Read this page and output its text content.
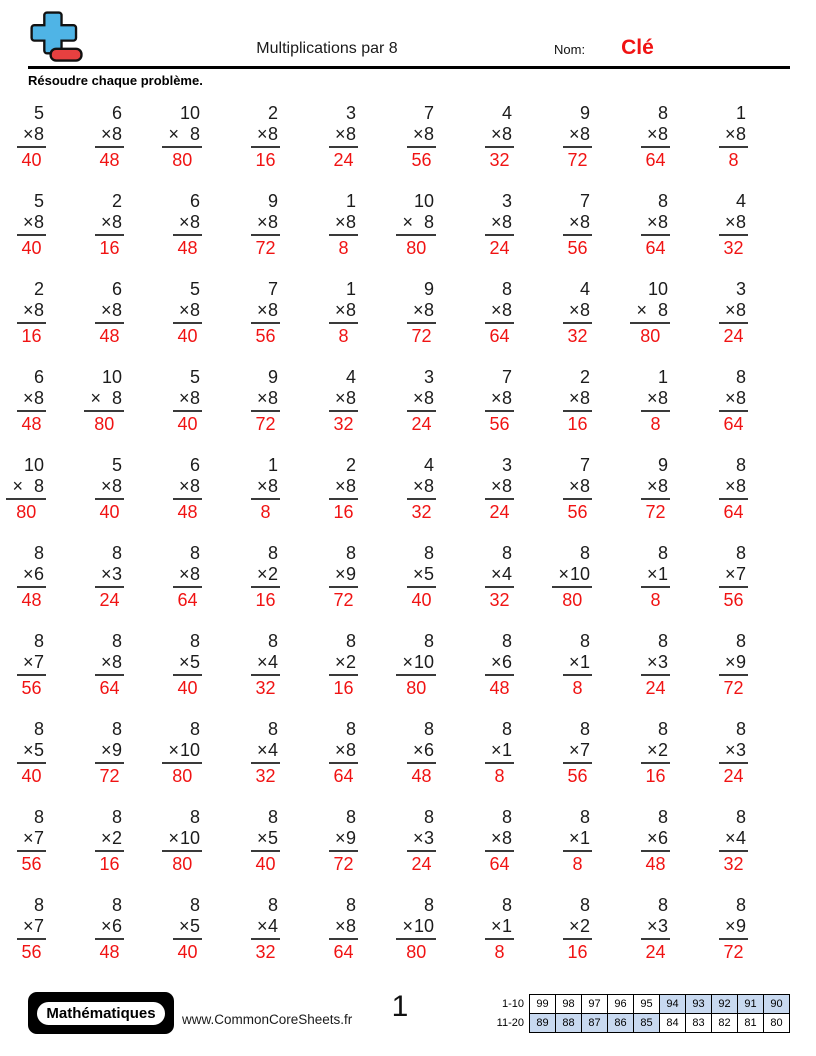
Multiplications par 8	Nom: Clé
Résoudre chaque problème.
5
× 8
40
6
× 8
48
10
× 8
80
2
× 8
16
3
× 8
24
7
× 8
56
4
× 8
32
9
× 8
72
8
× 8
64
1
× 8
8
5
× 8
40
2
× 8
16
6
× 8
48
9
× 8
72
1
× 8
8
10
× 8
80
3
× 8
24
7
× 8
56
8
× 8
64
4
× 8
32
2
× 8
16
6
× 8
48
5
× 8
40
7
× 8
56
1
× 8
8
9
× 8
72
8
× 8
64
4
× 8
32
10
× 8
80
3
× 8
24
6
× 8
48
10
× 8
80
5
× 8
40
9
× 8
72
4
× 8
32
3
× 8
24
7
× 8
56
2
× 8
16
1
× 8
8
8
× 8
64
10
× 8
80
5
× 8
40
6
× 8
48
1
× 8
8
2
× 8
16
4
× 8
32
3
× 8
24
7
× 8
56
9
× 8
72
8
× 8
64
8
× 6
48
8
× 3
24
8
× 8
64
8
× 2
16
8
× 9
72
8
× 5
40
8
× 4
32
8
× 10
80
8
× 1
8
8
× 7
56
8
× 7
56
8
× 8
64
8
× 5
40
8
× 4
32
8
× 2
16
8
× 10
80
8
× 6
48
8
× 1
8
8
× 3
24
8
× 9
72
8
× 5
40
8
× 9
72
8
× 10
80
8
× 4
32
8
× 8
64
8
× 6
48
8
× 1
8
8
× 7
56
8
× 2
16
8
× 3
24
8
× 7
56
8
× 2
16
8
× 10
80
8
× 5
40
8
× 9
72
8
× 3
24
8
× 8
64
8
× 1
8
8
× 6
48
8
× 4
32
8
× 7
56
8
× 6
48
8
× 5
40
8
× 4
32
8
× 8
64
8
× 10
80
8
× 1
8
8
× 2
16
8
× 3
24
8
× 9
72
Mathématiques	www.CommonCoreSheets.fr	1	1-10	99	98	97	96	95	94	93	92	91	90
11-20	89	88	87	86	85	84	83	82	81	80
